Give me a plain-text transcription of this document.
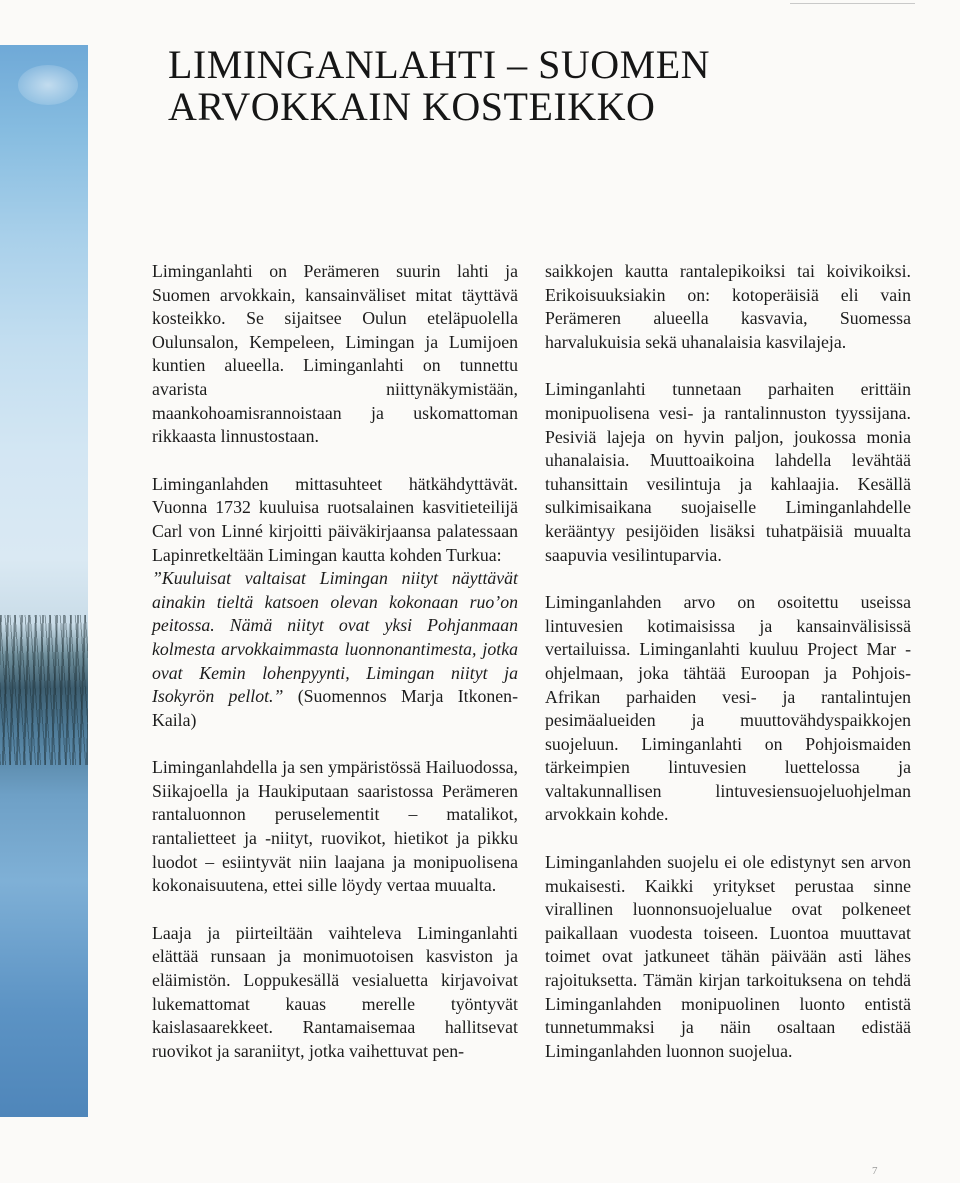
LIMINGANLAHTI – SUOMEN
ARVOKKAIN KOSTEIKKO

Liminganlahti on Perämeren suurin lahti ja Suomen arvokkain, kansainväliset mitat täyttävä kosteikko. Se sijaitsee Oulun eteläpuolella Oulunsalon, Kempeleen, Limingan ja Lumijoen kuntien alueella. Liminganlahti on tunnettu avarista niittynäkymistään, maankohoamisrannoistaan ja uskomattoman rikkaasta linnustostaan.

Liminganlahden mittasuhteet hätkähdyttävät. Vuonna 1732 kuuluisa ruotsalainen kasvitieteilijä Carl von Linné kirjoitti päiväkirjaansa palatessaan Lapinretkeltään Limingan kautta kohden Turkua:
”Kuuluisat valtaisat Limingan niityt näyttävät ainakin tieltä katsoen olevan kokonaan ruo’on peitossa. Nämä niityt ovat yksi Pohjanmaan kolmesta arvokkaimmasta luonnonantimesta, jotka ovat Kemin lohenpyynti, Limingan niityt ja Isokyrön pellot.” (Suomennos Marja Itkonen-Kaila)

Liminganlahdella ja sen ympäristössä Hailuodossa, Siikajoella ja Haukiputaan saaristossa Perämeren rantaluonnon peruselementit – matalikot, rantalietteet ja -niityt, ruovikot, hietikot ja pikku luodot – esiintyvät niin laajana ja monipuolisena kokonaisuutena, ettei sille löydy vertaa muualta.

Laaja ja piirteiltään vaihteleva Liminganlahti elättää runsaan ja monimuotoisen kasviston ja eläimistön. Loppukesällä vesialuetta kirjavoivat lukemattomat kauas merelle työntyvät kaislasaarekkeet. Rantamaisemaa hallitsevat ruovikot ja saraniityt, jotka vaihettuvat pen-

saikkojen kautta rantalepikoiksi tai koivikoiksi. Erikoisuuksiakin on: kotoperäisiä eli vain Perämeren alueella kasvavia, Suomessa harvalukuisia sekä uhanalaisia kasvilajeja.

Liminganlahti tunnetaan parhaiten erittäin monipuolisena vesi- ja rantalinnuston tyyssijana. Pesiviä lajeja on hyvin paljon, joukossa monia uhanalaisia. Muuttoaikoina lahdella levähtää tuhansittain vesilintuja ja kahlaajia. Kesällä sulkimisaikana suojaiselle Liminganlahdelle kerääntyy pesijöiden lisäksi tuhatpäisiä muualta saapuvia vesilintuparvia.

Liminganlahden arvo on osoitettu useissa lintuvesien kotimaisissa ja kansainvälisissä vertailuissa. Liminganlahti kuuluu Project Mar -ohjelmaan, joka tähtää Euroopan ja Pohjois-Afrikan parhaiden vesi- ja rantalintujen pesimäalueiden ja muuttovähdyspaikkojen suojeluun. Liminganlahti on Pohjoismaiden tärkeimpien lintuvesien luettelossa ja valtakunnallisen lintuvesiensuojeluohjelman arvokkain kohde.

Liminganlahden suojelu ei ole edistynyt sen arvon mukaisesti. Kaikki yritykset perustaa sinne virallinen luonnonsuojelualue ovat polkeneet paikallaan vuodesta toiseen. Luontoa muuttavat toimet ovat jatkuneet tähän päivään asti lähes rajoituksetta. Tämän kirjan tarkoituksena on tehdä Liminganlahden monipuolinen luonto entistä tunnetummaksi ja näin osaltaan edistää Liminganlahden luonnon suojelua.

7
